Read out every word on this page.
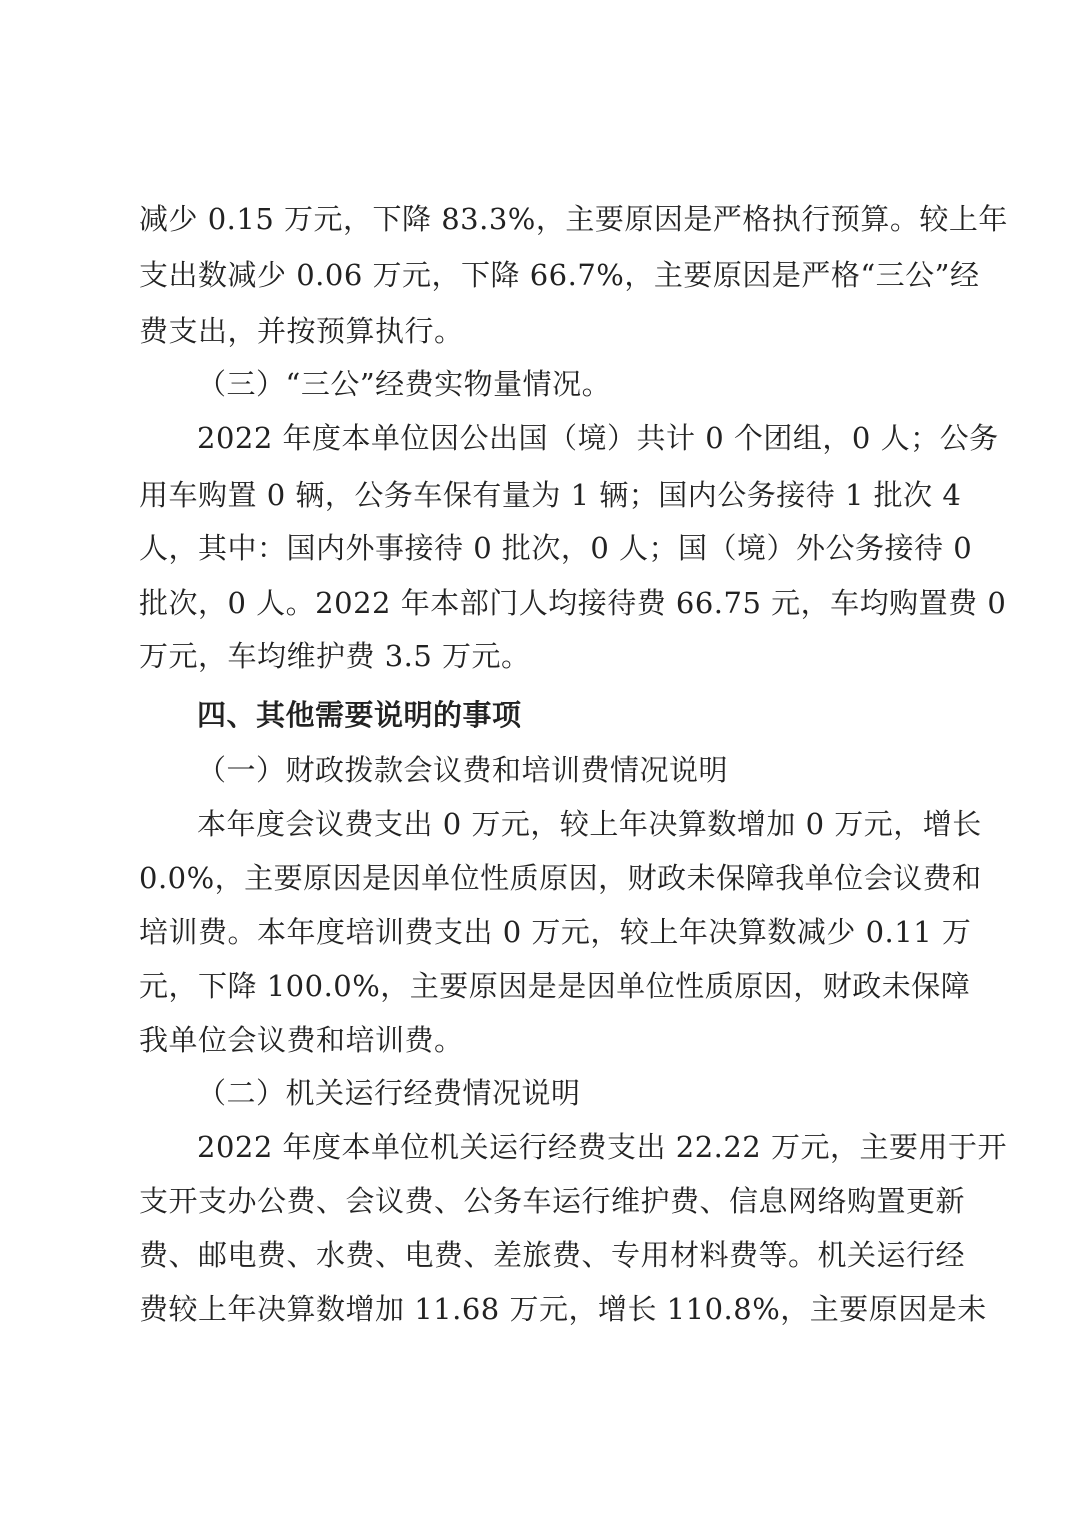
减少 0.15 万元，下降 83.3%，主要原因是严格执行预算。较上年
支出数减少 0.06 万元，下降 66.7%，主要原因是严格“三公”经
费支出，并按预算执行。
（三）“三公”经费实物量情况。
2022 年度本单位因公出国（境）共计 0 个团组，0 人；公务
用车购置 0 辆，公务车保有量为 1 辆；国内公务接待 1 批次 4
人，其中：国内外事接待 0 批次，0 人；国（境）外公务接待 0
批次，0 人。2022 年本部门人均接待费 66.75 元，车均购置费 0
万元，车均维护费 3.5 万元。
四、其他需要说明的事项
（一）财政拨款会议费和培训费情况说明
本年度会议费支出 0 万元，较上年决算数增加 0 万元，增长
0.0%，主要原因是因单位性质原因，财政未保障我单位会议费和
培训费。本年度培训费支出 0 万元，较上年决算数减少 0.11 万
元，下降 100.0%，主要原因是是因单位性质原因，财政未保障
我单位会议费和培训费。
（二）机关运行经费情况说明
2022 年度本单位机关运行经费支出 22.22 万元，主要用于开
支开支办公费、会议费、公务车运行维护费、信息网络购置更新
费、邮电费、水费、电费、差旅费、专用材料费等。机关运行经
费较上年决算数增加 11.68 万元，增长 110.8%，主要原因是未
